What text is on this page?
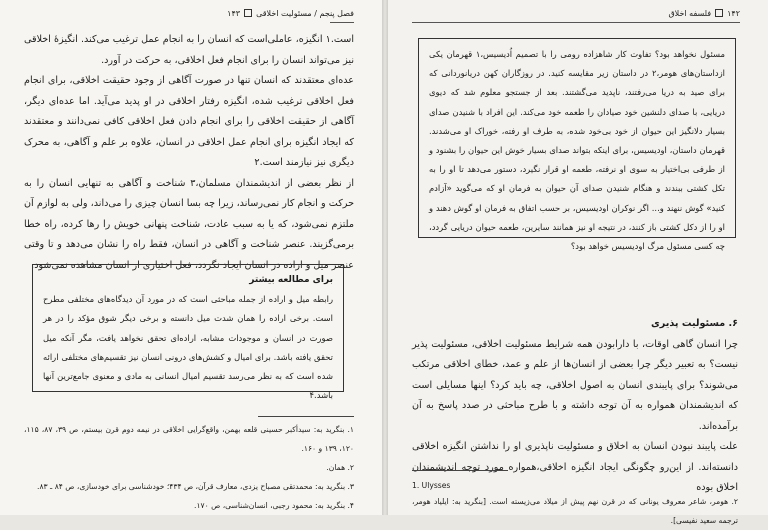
فصل پنجم / مسئولیت اخلاقی
۱۴۳

است.۱ انگیزه، عاملی‌است که انسان را به انجام عمل ترغیب می‌کند. انگیزهٔ اخلاقی نیز می‌تواند انسان را برای انجام فعل اخلاقی، به حرکت در آورد.

عده‌ای معتقدند که انسان تنها در صورت آگاهی از وجود حقیقت اخلاقی، برای انجام فعل اخلاقی ترغیب شده، انگیزه رفتار اخلاقی در او پدید می‌آید. اما عده‌ای دیگر، آگاهی از حقیقت اخلاقی را برای انجام دادن فعل اخلاقی کافی نمی‌دانند و معتقدند که ایجاد انگیزه برای انجام عمل اخلاقی در انسان، علاوه بر علم و آگاهی، به محرک دیگری نیز نیازمند است.۲

از نظر بعضی از اندیشمندان مسلمان،۳ شناخت و آگاهی به تنهایی انسان را به حرکت و انجام کار نمی‌رساند، زیرا چه بسا انسان چیزی را می‌داند، ولی به لوازم آن ملتزم نمی‌شود، که یا به سبب عادت، شناخت پنهانی خویش را رها کرده، راه خطا برمی‌گزیند. عنصر شناخت و آگاهی در انسان، فقط راه را نشان می‌دهد و تا وقتی عنصر میل و اراده در انسان ایجاد نگردد، فعل اختیاری از انسان مشاهده نمی‌شود.

برای مطالعه بیشتر

رابطه میل و اراده از جمله مباحثی است که در مورد آن دیدگاه‌های مختلفی مطرح است. برخی اراده را همان شدت میل دانسته و برخی دیگر شوق مؤکد را در هر صورت در انسان و موجودات مشابه، اراده‌ای تحقق نخواهد یافت، مگر آنکه میل تحقق یافته باشد. برای امیال و کشش‌های درونی انسان نیز تقسیم‌های مختلفی ارائه شده است که به نظر می‌رسد تقسیم امیال انسانی به مادی و معنوی جامع‌ترین آنها باشد.۴

۱. بنگرید به: سیدأکبر حسینی قلعه بهمن، واقع‌گرایی اخلاقی در نیمه دوم قرن بیستم، ص ۳۹، ۸۷، ۱۱۵، ۱۲۰، ۱۳۹ و ۱۶۰.

۲. همان.

۳. بنگرید به: محمدتقی مصباح یزدی، معارف قرآن، ص ۴۳۴؛ خودشناسی برای خودسازی، ص ۸۴ ـ ۸۳.

۴. بنگرید به: محمود رجبی، انسان‌شناسی، ص ۱۷۰.

۱۴۲
فلسفه اخلاق

مسئول نخواهد بود؟ تفاوت کار شاهزاده رومی را با تصمیم اُدیسیس،۱ قهرمان یکی ازداستان‌های هومر،۲ در داستان زیر مقایسه کنید. در روزگاران کهن دریانوردانی که برای صید به دریا می‌رفتند، ناپدید می‌گشتند. بعد از جستجو معلوم شد که دیوی دریایی، با صدای دلنشین خود صیادان را طعمه خود می‌کند. این افراد با شنیدن صدای بسیار دلانگیز این حیوان از خود بی‌خود شده، به طرف او رفته، خوراک او می‌شدند. قهرمان داستان، اودیسیس، برای اینکه بتواند صدای بسیار خوش این حیوان را بشنود و از طرفی بی‌اختیار به سوی او نرفته، طعمه او قرار نگیرد، دستور می‌دهد تا او را به تکل کشتی ببندند و هنگام شنیدن صدای آن حیوان به فرمان او که می‌گوید «آزادم کنید» گوش ننهند و... اگر نوکران اودیسیس، بر حسب اتفاق به فرمان او گوش دهند و او را از دکل کشتی باز کنند، در نتیجه او نیز همانند سایرین، طعمه حیوان دریایی گردد، چه کسی مسئول مرگ اودیسیس خواهد بود؟

۶. مسئولیت پذیری

چرا انسان گاهی اوقات، با دارابودن همه شرایط مسئولیت اخلاقی، مسئولیت پذیر نیست؟ به تعبیر دیگر چرا بعضی از انسان‌ها از علم و عمد، خطای اخلاقی مرتکب می‌شوند؟ برای پایبندی انسان به اصول اخلاقی، چه باید کرد؟ اینها مسایلی است که اندیشمندان همواره به آن توجه داشته و با طرح مباحثی در صدد پاسخ به آن برآمده‌اند.

علت پایبند نبودن انسان به اخلاق و مسئولیت ناپذیری او را نداشتن انگیزه اخلاقی دانسته‌اند. از این‌رو چگونگی ایجاد انگیزه اخلاقی،همواره مورد توجه اندیشمندان اخلاق بوده

1. Ulysses
۲. هومر، شاعر معروف یونانی که در قرن نهم پیش از میلاد می‌زیسته است. [بنگرید به: ایلیاد هومر، ترجمه سعید نفیسی].
